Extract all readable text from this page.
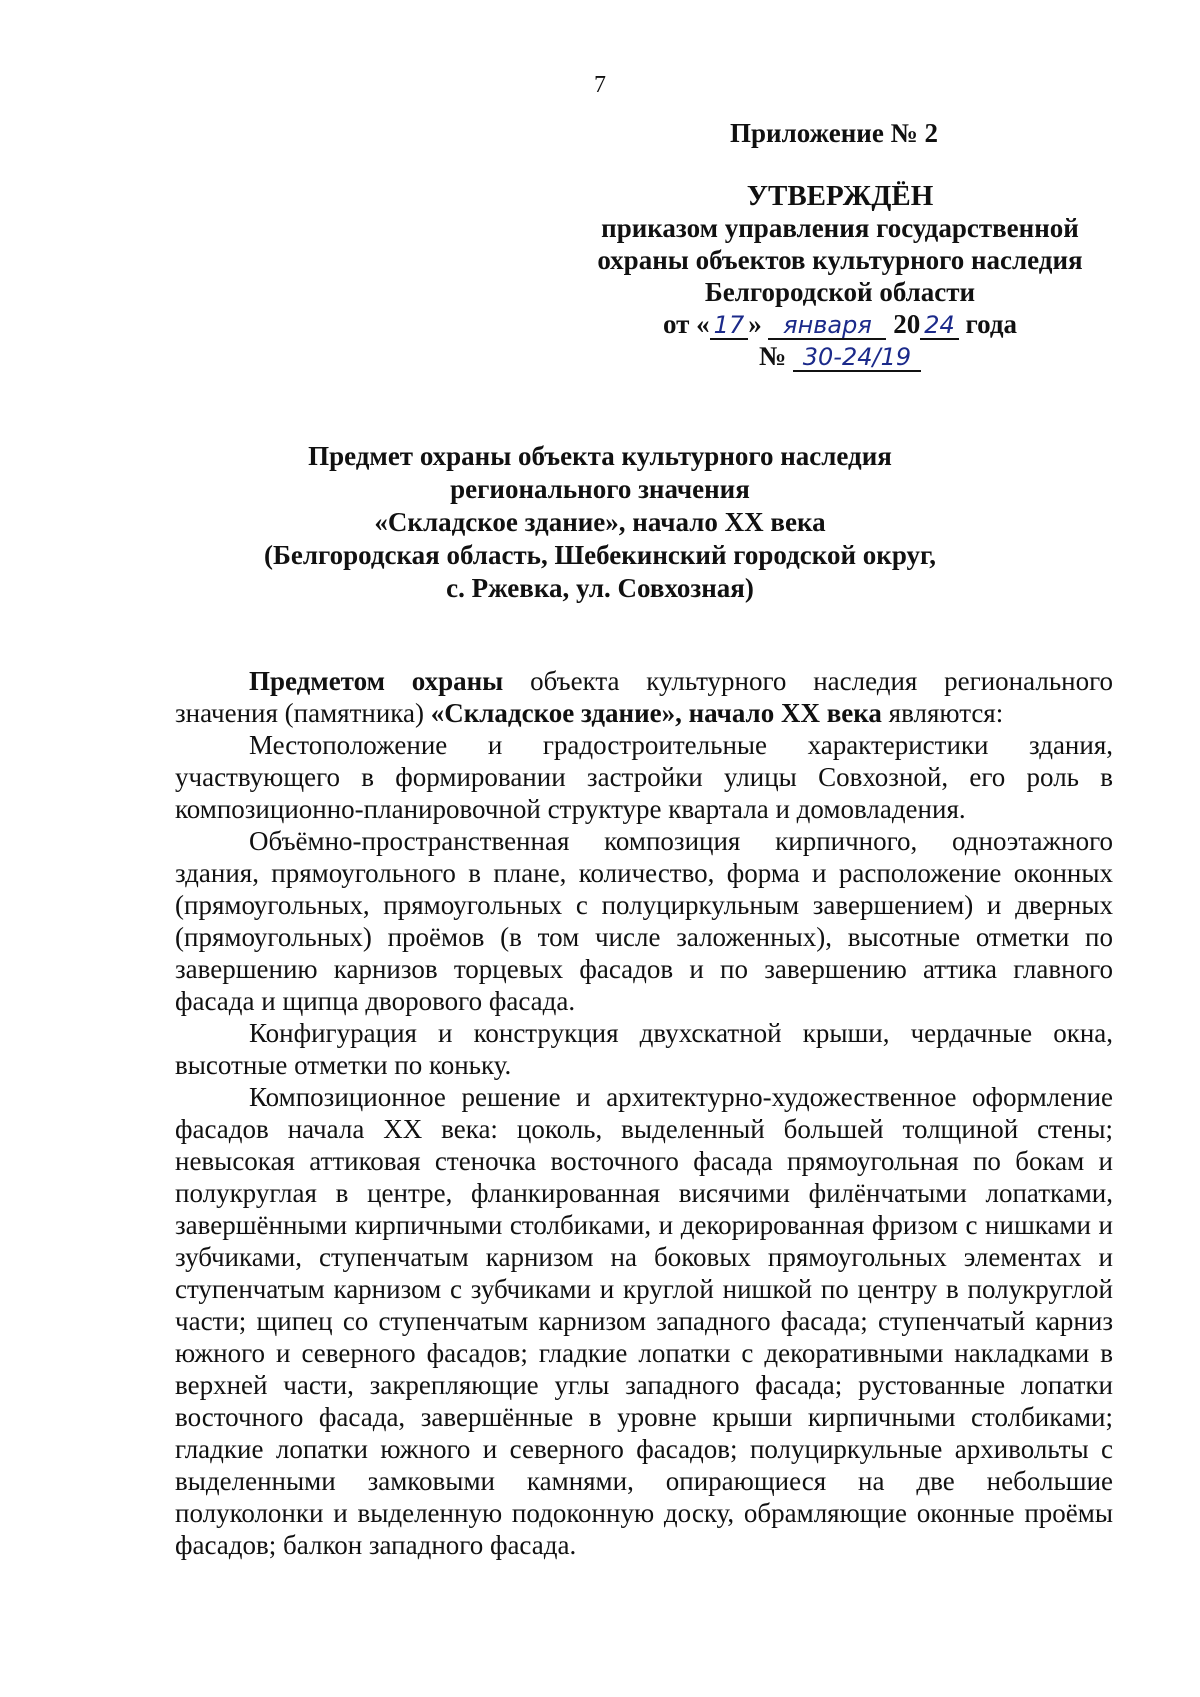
7
Приложение № 2
УТВЕРЖДЁН
приказом управления государственной
охраны объектов культурного наследия
Белгородской области
от « 17 » января 20 24 года
№ 30-24/19
Предмет охраны объекта культурного наследия
регионального значения
«Складское здание», начало XX века
(Белгородская область, Шебекинский городской округ,
с. Ржевка, ул. Совхозная)

Предметом охраны объекта культурного наследия регионального значения (памятника) «Складское здание», начало XX века являются:

Местоположение и градостроительные характеристики здания, участвующего в формировании застройки улицы Совхозной, его роль в композиционно-планировочной структуре квартала и домовладения.

Объёмно-пространственная композиция кирпичного, одноэтажного здания, прямоугольного в плане, количество, форма и расположение оконных (прямоугольных, прямоугольных с полуциркульным завершением) и дверных (прямоугольных) проёмов (в том числе заложенных), высотные отметки по завершению карнизов торцевых фасадов и по завершению аттика главного фасада и щипца дворового фасада.

Конфигурация и конструкция двухскатной крыши, чердачные окна, высотные отметки по коньку.

Композиционное решение и архитектурно-художественное оформление фасадов начала XX века: цоколь, выделенный большей толщиной стены; невысокая аттиковая стеночка восточного фасада прямоугольная по бокам и полукруглая в центре, фланкированная висячими филёнчатыми лопатками, завершёнными кирпичными столбиками, и декорированная фризом с нишками и зубчиками, ступенчатым карнизом на боковых прямоугольных элементах и ступенчатым карнизом с зубчиками и круглой нишкой по центру в полукруглой части; щипец со ступенчатым карнизом западного фасада; ступенчатый карниз южного и северного фасадов; гладкие лопатки с декоративными накладками в верхней части, закрепляющие углы западного фасада; рустованные лопатки восточного фасада, завершённые в уровне крыши кирпичными столбиками; гладкие лопатки южного и северного фасадов; полуциркульные архивольты с выделенными замковыми камнями, опирающиеся на две небольшие полуколонки и выделенную подоконную доску, обрамляющие оконные проёмы фасадов; балкон западного фасада.
